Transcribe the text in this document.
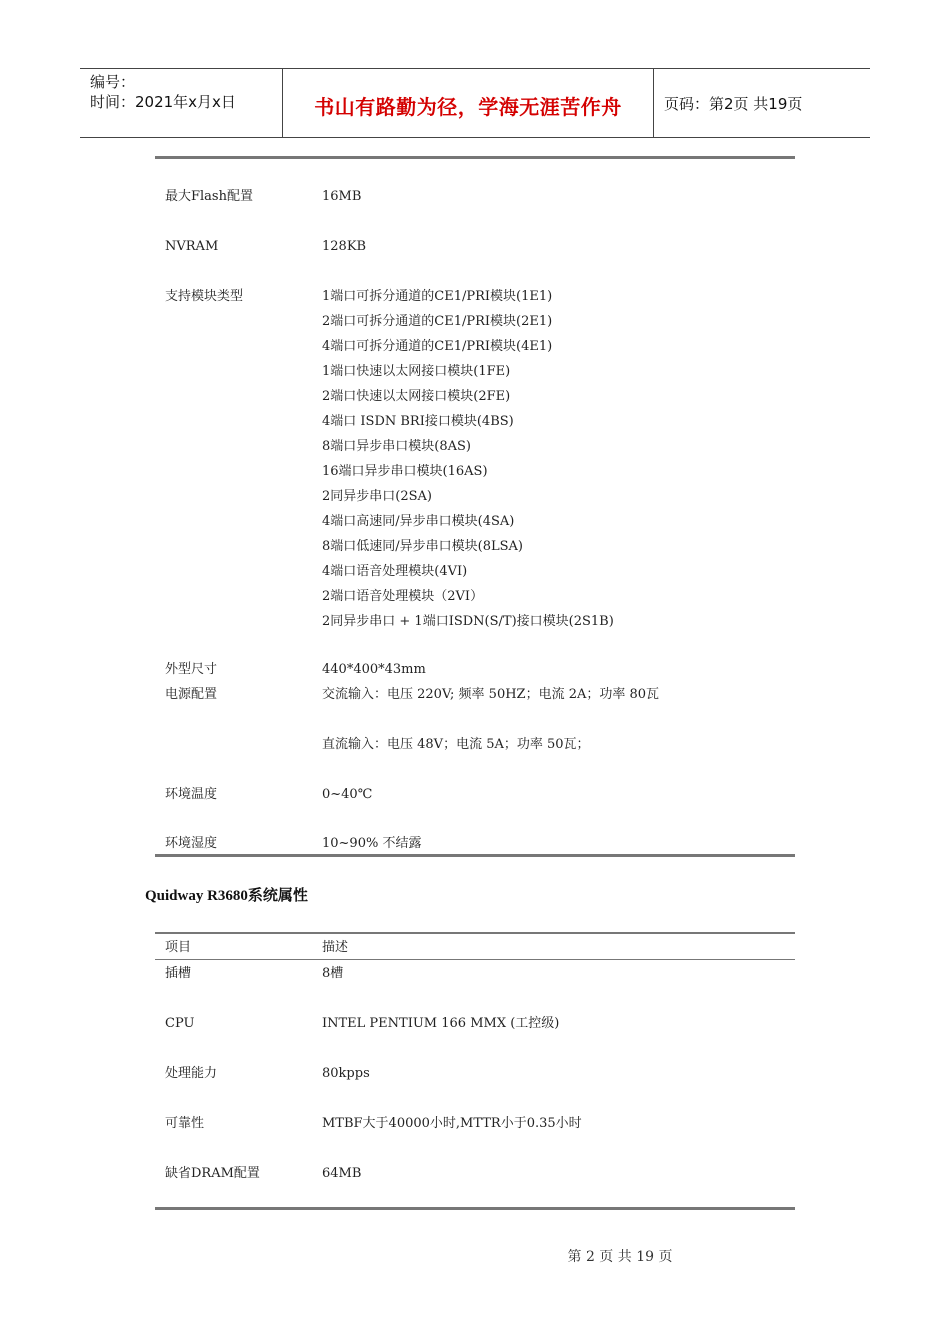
编号：
时间：2021年x月x日	书山有路勤为径，学海无涯苦作舟	页码：第2页 共19页
最大Flash配置	16MB
NVRAM	128KB
支持模块类型	1端口可拆分通道的CE1/PRI模块(1E1)
2端口可拆分通道的CE1/PRI模块(2E1)
4端口可拆分通道的CE1/PRI模块(4E1)
1端口快速以太网接口模块(1FE)
2端口快速以太网接口模块(2FE)
4端口 ISDN BRI接口模块(4BS)
8端口异步串口模块(8AS)
16端口异步串口模块(16AS)
2同异步串口(2SA)
4端口高速同/异步串口模块(4SA)
8端口低速同/异步串口模块(8LSA)
4端口语音处理模块(4VI)
2端口语音处理模块（2VI）
2同异步串口 + 1端口ISDN(S/T)接口模块(2S1B)
外型尺寸	440*400*43mm
电源配置	交流输入：电压 220V; 频率 50HZ；电流 2A；功率 80瓦
直流输入：电压 48V；电流 5A；功率 50瓦；
环境温度	0~40℃
环境湿度	10~90% 不结露
Quidway R3680系统属性
项目	描述
插槽	8槽
CPU	INTEL PENTIUM 166 MMX (工控级)
处理能力	80kpps
可靠性	MTBF大于40000小时,MTTR小于0.35小时
缺省DRAM配置	64MB
第 2 页 共 19 页
